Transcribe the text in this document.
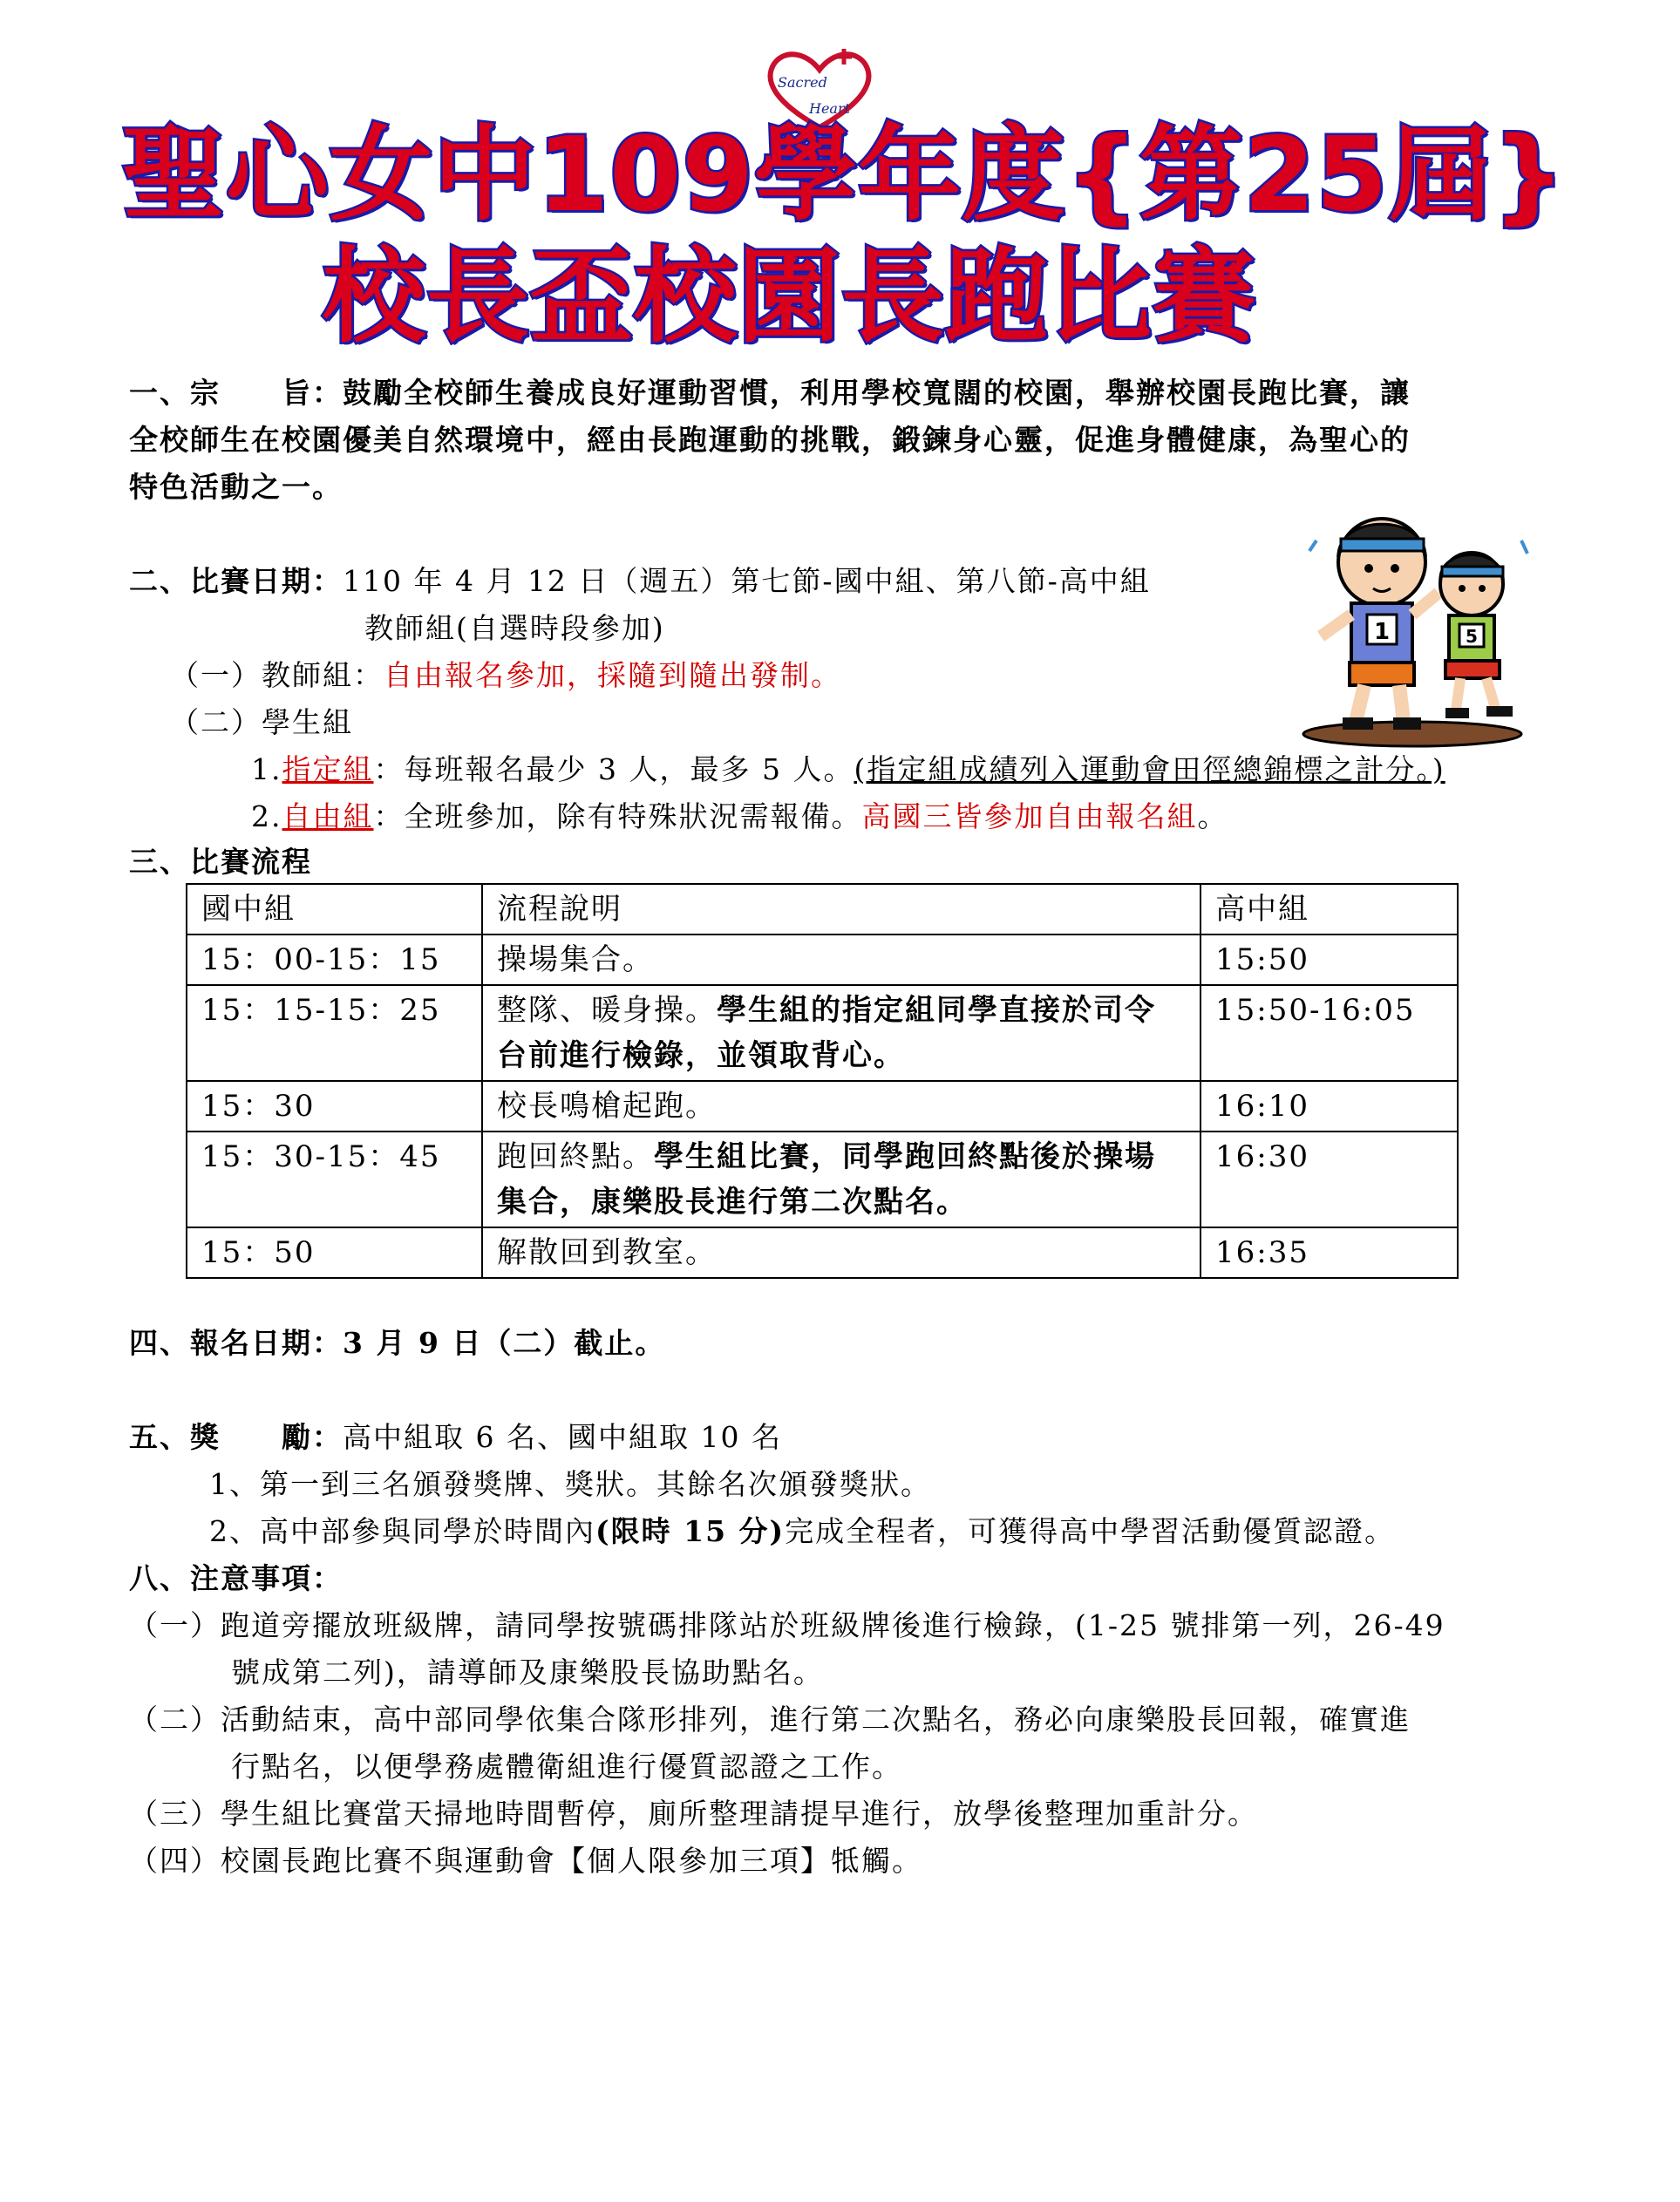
Sacred
Heart
聖心女中109學年度{第25屆}
校長盃校園長跑比賽
一、宗　　旨：鼓勵全校師生養成良好運動習慣，利用學校寬闊的校園，舉辦校園長跑比賽，讓
全校師生在校園優美自然環境中，經由長跑運動的挑戰，鍛鍊身心靈，促進身體健康，為聖心的
特色活動之一。
1	5
二、比賽日期：110 年 4 月 12 日（週五）第七節-國中組、第八節-高中組
教師組(自選時段參加)
（一）教師組：自由報名參加，採隨到隨出發制。
（二）學生組
1.指定組：每班報名最少 3 人，最多 5 人。(指定組成績列入運動會田徑總錦標之計分。)
2.自由組：全班參加，除有特殊狀況需報備。高國三皆參加自由報名組。
三、比賽流程
國中組	流程說明	高中組
15：00-15：15	操場集合。	15:50
15：15-15：25	整隊、暖身操。學生組的指定組同學直接於司令台前進行檢錄，並領取背心。	15:50-16:05
15：30	校長鳴槍起跑。	16:10
15：30-15：45	跑回終點。學生組比賽，同學跑回終點後於操場集合，康樂股長進行第二次點名。	16:30
15：50	解散回到教室。	16:35
四、報名日期：3 月 9 日（二）截止。
五、獎　　勵：高中組取 6 名、國中組取 10 名
1、第一到三名頒發獎牌、獎狀。其餘名次頒發獎狀。
2、高中部參與同學於時間內(限時 15 分)完成全程者，可獲得高中學習活動優質認證。
八、注意事項：
（一）跑道旁擺放班級牌，請同學按號碼排隊站於班級牌後進行檢錄，(1-25 號排第一列，26-49
號成第二列)，請導師及康樂股長協助點名。
（二）活動結束，高中部同學依集合隊形排列，進行第二次點名，務必向康樂股長回報，確實進
行點名，以便學務處體衛組進行優質認證之工作。
（三）學生組比賽當天掃地時間暫停，廁所整理請提早進行，放學後整理加重計分。
（四）校園長跑比賽不與運動會【個人限參加三項】牴觸。
